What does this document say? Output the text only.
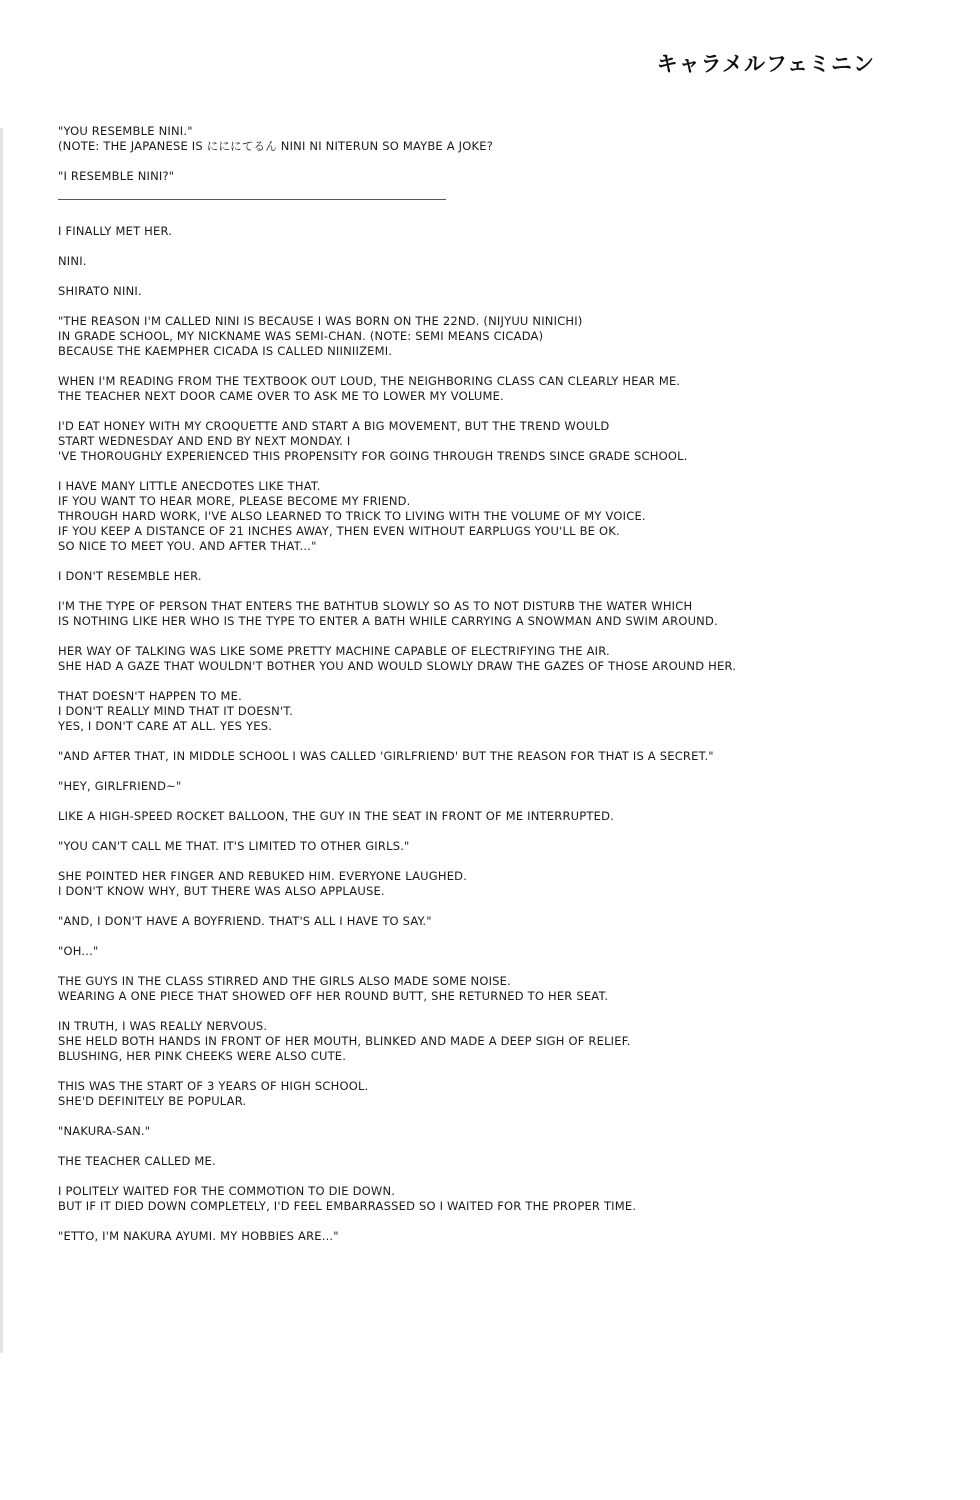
キャラメルフェミニン
"YOU RESEMBLE NINI."
(NOTE: THE JAPANESE IS にににてるん NINI NI NITERUN SO MAYBE A JOKE?
"I RESEMBLE NINI?"
I FINALLY MET HER.
NINI.
SHIRATO NINI.
"THE REASON I'M CALLED NINI IS BECAUSE I WAS BORN ON THE 22ND. (NIJYUU NINICHI)
IN GRADE SCHOOL, MY NICKNAME WAS SEMI-CHAN. (NOTE: SEMI MEANS CICADA)
BECAUSE THE KAEMPHER CICADA IS CALLED NIINIIZEMI.
WHEN I'M READING FROM THE TEXTBOOK OUT LOUD, THE NEIGHBORING CLASS CAN CLEARLY HEAR ME.
THE TEACHER NEXT DOOR CAME OVER TO ASK ME TO LOWER MY VOLUME.
I'D EAT HONEY WITH MY CROQUETTE AND START A BIG MOVEMENT, BUT THE TREND WOULD
START WEDNESDAY AND END BY NEXT MONDAY. I
'VE THOROUGHLY EXPERIENCED THIS PROPENSITY FOR GOING THROUGH TRENDS SINCE GRADE SCHOOL.
I HAVE MANY LITTLE ANECDOTES LIKE THAT.
IF YOU WANT TO HEAR MORE, PLEASE BECOME MY FRIEND.
THROUGH HARD WORK, I'VE ALSO LEARNED TO TRICK TO LIVING WITH THE VOLUME OF MY VOICE.
IF YOU KEEP A DISTANCE OF 21 INCHES AWAY, THEN EVEN WITHOUT EARPLUGS YOU'LL BE OK.
SO NICE TO MEET YOU. AND AFTER THAT..."
I DON'T RESEMBLE HER.
I'M THE TYPE OF PERSON THAT ENTERS THE BATHTUB SLOWLY SO AS TO NOT DISTURB THE WATER WHICH
IS NOTHING LIKE HER WHO IS THE TYPE TO ENTER A BATH WHILE CARRYING A SNOWMAN AND SWIM AROUND.
HER WAY OF TALKING WAS LIKE SOME PRETTY MACHINE CAPABLE OF ELECTRIFYING THE AIR.
SHE HAD A GAZE THAT WOULDN'T BOTHER YOU AND WOULD SLOWLY DRAW THE GAZES OF THOSE AROUND HER.
THAT DOESN'T HAPPEN TO ME.
I DON'T REALLY MIND THAT IT DOESN'T.
YES, I DON'T CARE AT ALL. YES YES.
"AND AFTER THAT, IN MIDDLE SCHOOL I WAS CALLED 'GIRLFRIEND' BUT THE REASON FOR THAT IS A SECRET."
"HEY, GIRLFRIEND~"
LIKE A HIGH-SPEED ROCKET BALLOON, THE GUY IN THE SEAT IN FRONT OF ME INTERRUPTED.
"YOU CAN'T CALL ME THAT. IT'S LIMITED TO OTHER GIRLS."
SHE POINTED HER FINGER AND REBUKED HIM. EVERYONE LAUGHED.
I DON'T KNOW WHY, BUT THERE WAS ALSO APPLAUSE.
"AND, I DON'T HAVE A BOYFRIEND. THAT'S ALL I HAVE TO SAY."
"OH..."
THE GUYS IN THE CLASS STIRRED AND THE GIRLS ALSO MADE SOME NOISE.
WEARING A ONE PIECE THAT SHOWED OFF HER ROUND BUTT, SHE RETURNED TO HER SEAT.
IN TRUTH, I WAS REALLY NERVOUS.
SHE HELD BOTH HANDS IN FRONT OF HER MOUTH, BLINKED AND MADE A DEEP SIGH OF RELIEF.
BLUSHING, HER PINK CHEEKS WERE ALSO CUTE.
THIS WAS THE START OF 3 YEARS OF HIGH SCHOOL.
SHE'D DEFINITELY BE POPULAR.
"NAKURA-SAN."
THE TEACHER CALLED ME.
I POLITELY WAITED FOR THE COMMOTION TO DIE DOWN.
BUT IF IT DIED DOWN COMPLETELY, I'D FEEL EMBARRASSED SO I WAITED FOR THE PROPER TIME.
"ETTO, I'M NAKURA AYUMI. MY HOBBIES ARE..."
